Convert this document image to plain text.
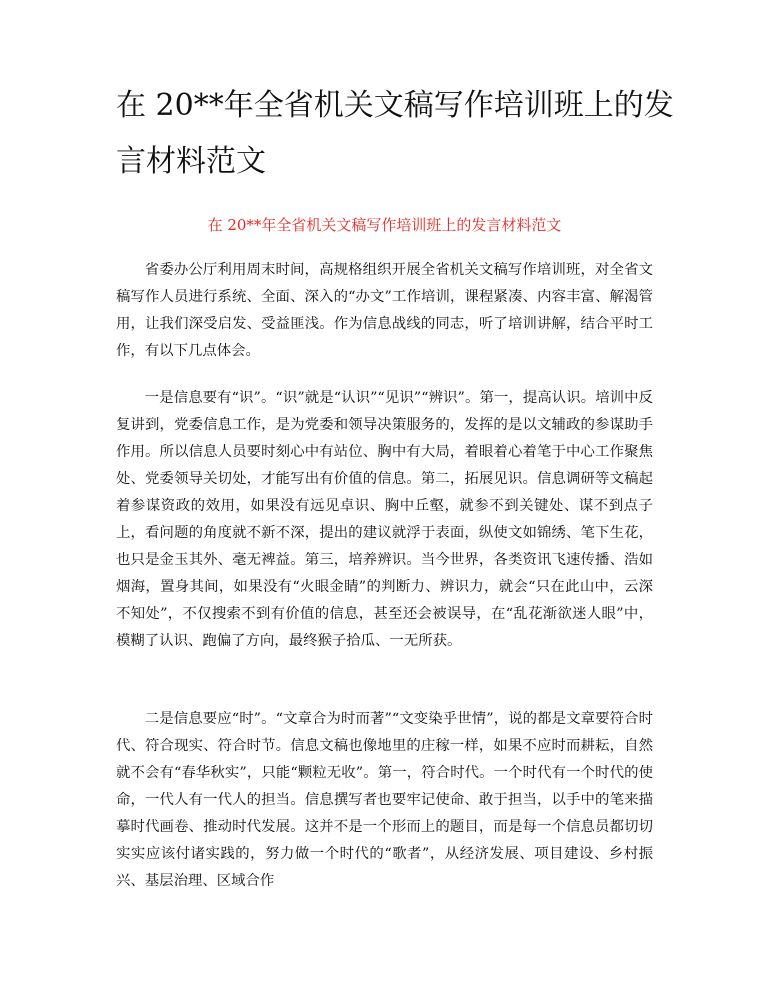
在 20**年全省机关文稿写作培训班上的发言材料范文
在 20**年全省机关文稿写作培训班上的发言材料范文

省委办公厅利用周末时间，高规格组织开展全省机关文稿写作培训班，对全省文稿写作人员进行系统、全面、深入的“办文”工作培训，课程紧凑、内容丰富、解渴管用，让我们深受启发、受益匪浅。作为信息战线的同志，听了培训讲解，结合平时工作，有以下几点体会。

一是信息要有“识”。“识”就是“认识”“见识”“辨识”。第一，提高认识。培训中反复讲到，党委信息工作，是为党委和领导决策服务的，发挥的是以文辅政的参谋助手作用。所以信息人员要时刻心中有站位、胸中有大局，着眼着心着笔于中心工作聚焦处、党委领导关切处，才能写出有价值的信息。第二，拓展见识。信息调研等文稿起着参谋资政的效用，如果没有远见卓识、胸中丘壑，就参不到关键处、谋不到点子上，看问题的角度就不新不深，提出的建议就浮于表面，纵使文如锦绣、笔下生花，也只是金玉其外、毫无裨益。第三，培养辨识。当今世界，各类资讯飞速传播、浩如烟海，置身其间，如果没有“火眼金睛”的判断力、辨识力，就会“只在此山中，云深不知处”，不仅搜索不到有价值的信息，甚至还会被误导，在“乱花渐欲迷人眼”中，模糊了认识、跑偏了方向，最终猴子拾瓜、一无所获。

二是信息要应“时”。“文章合为时而著”“文变染乎世情”，说的都是文章要符合时代、符合现实、符合时节。信息文稿也像地里的庄稼一样，如果不应时而耕耘，自然就不会有“春华秋实”，只能“颗粒无收”。第一，符合时代。一个时代有一个时代的使命，一代人有一代人的担当。信息撰写者也要牢记使命、敢于担当，以手中的笔来描摹时代画卷、推动时代发展。这并不是一个形而上的题目，而是每一个信息员都切切实实应该付诸实践的，努力做一个时代的“歌者”，从经济发展、项目建设、乡村振兴、基层治理、区域合作
